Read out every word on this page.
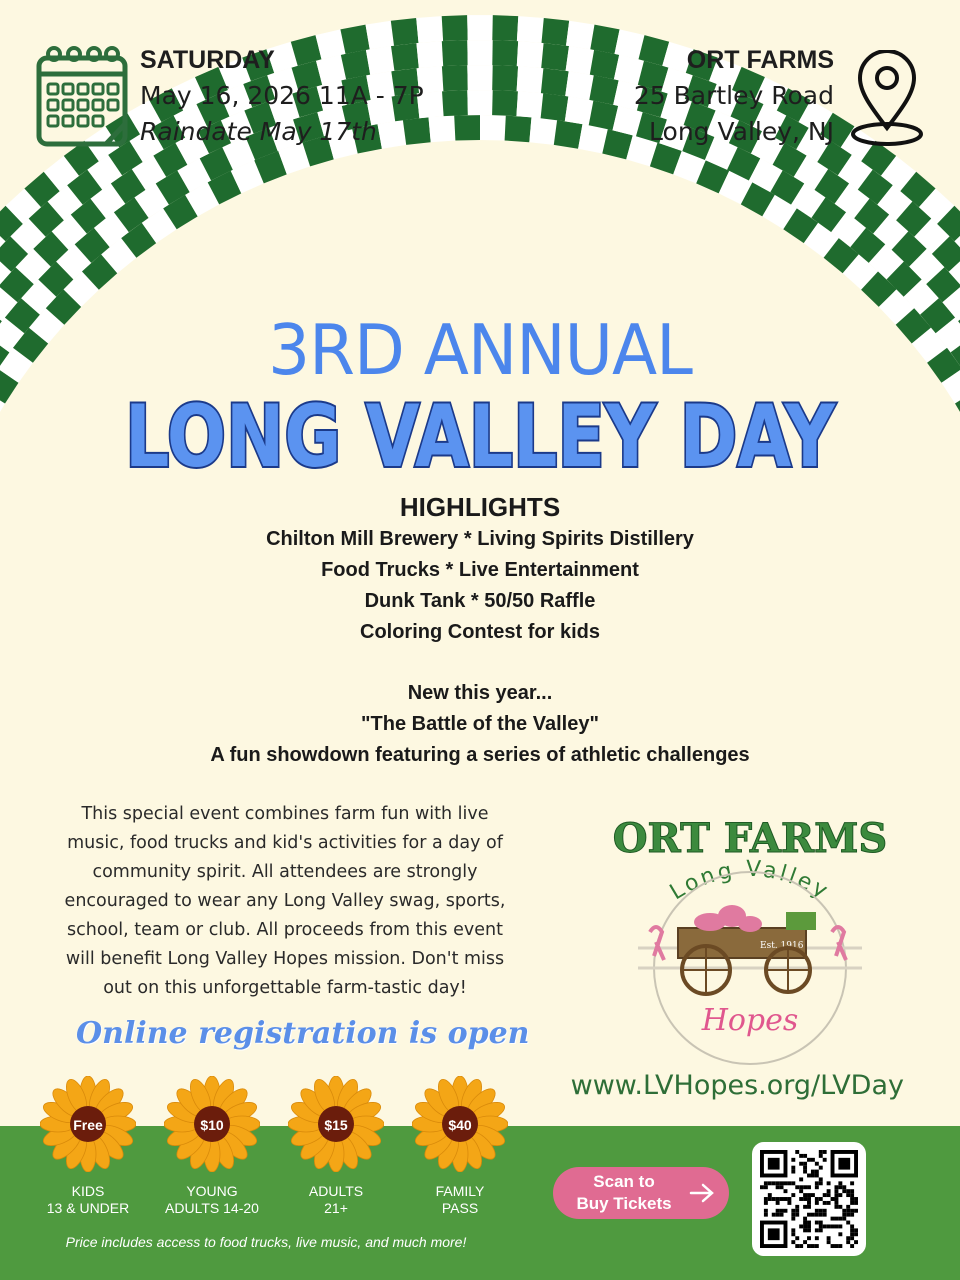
SATURDAY
May 16, 2026 11A - 7P
Raindate May 17th
ORT FARMS
25 Bartley Road
Long Valley, NJ
3RD ANNUAL
LONG VALLEY DAY
HIGHLIGHTS
Chilton Mill Brewery * Living Spirits Distillery
Food Trucks * Live Entertainment
Dunk Tank * 50/50 Raffle
Coloring Contest for kids
New this year...
"The Battle of the Valley"
A fun showdown featuring a series of athletic challenges
This special event combines farm fun with live
music, food trucks and kid's activities for a day of
community spirit. All attendees are strongly
encouraged to wear any Long Valley swag, sports,
school, team or club. All proceeds from this event
will benefit Long Valley Hopes mission. Don't miss
out on this unforgettable farm-tastic day!
Online registration is open
ORT FARMS
Long Valley
Est. 1916
Hopes
www.LVHopes.org/LVDay
Free
KIDS
13 & UNDER
$10
YOUNG
ADULTS 14-20
$15
ADULTS
21+
$40
FAMILY
PASS
Price includes access to food trucks, live music, and much more!
Scan to
Buy Tickets
